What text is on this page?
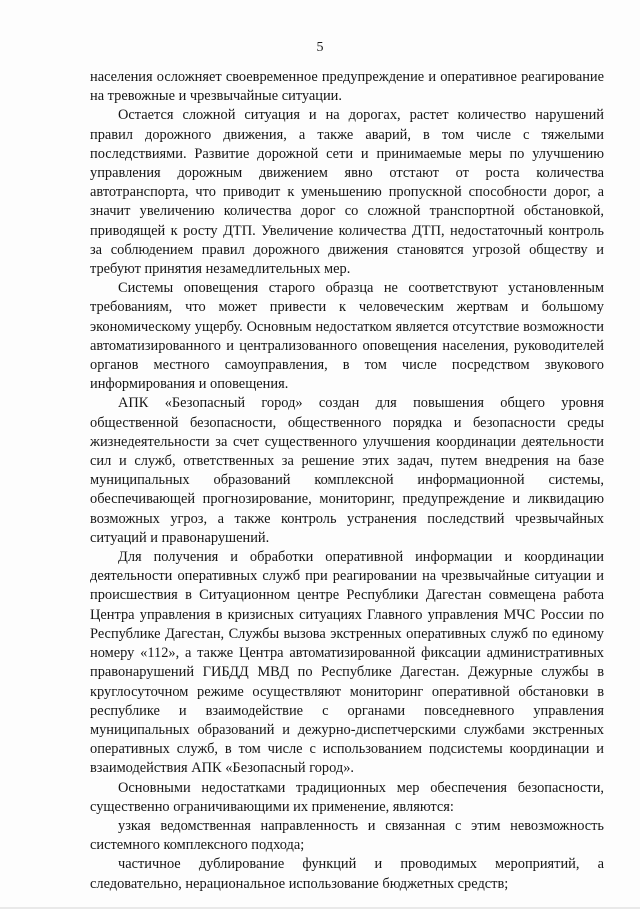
5

населения осложняет своевременное предупреждение и оперативное реагирование на тревожные и чрезвычайные ситуации.

Остается сложной ситуация и на дорогах, растет количество нарушений правил дорожного движения, а также аварий, в том числе с тяжелыми последствиями. Развитие дорожной сети и принимаемые меры по улучшению управления дорожным движением явно отстают от роста количества автотранспорта, что приводит к уменьшению пропускной способности дорог, а значит увеличению количества дорог со сложной транспортной обстановкой, приводящей к росту ДТП. Увеличение количества ДТП, недостаточный контроль за соблюдением правил дорожного движения становятся угрозой обществу и требуют принятия незамедлительных мер.

Системы оповещения старого образца не соответствуют установленным требованиям, что может привести к человеческим жертвам и большому экономическому ущербу. Основным недостатком является отсутствие возможности автоматизированного и централизованного оповещения населения, руководителей органов местного самоуправления, в том числе посредством звукового информирования и оповещения.

АПК «Безопасный город» создан для повышения общего уровня общественной безопасности, общественного порядка и безопасности среды жизнедеятельности за счет существенного улучшения координации деятельности сил и служб, ответственных за решение этих задач, путем внедрения на базе муниципальных образований комплексной информационной системы, обеспечивающей прогнозирование, мониторинг, предупреждение и ликвидацию возможных угроз, а также контроль устранения последствий чрезвычайных ситуаций и правонарушений.

Для получения и обработки оперативной информации и координации деятельности оперативных служб при реагировании на чрезвычайные ситуации и происшествия в Ситуационном центре Республики Дагестан совмещена работа Центра управления в кризисных ситуациях Главного управления МЧС России по Республике Дагестан, Службы вызова экстренных оперативных служб по единому номеру «112», а также Центра автоматизированной фиксации административных правонарушений ГИБДД МВД по Республике Дагестан. Дежурные службы в круглосуточном режиме осуществляют мониторинг оперативной обстановки в республике и взаимодействие с органами повседневного управления муниципальных образований и дежурно-диспетчерскими службами экстренных оперативных служб, в том числе с использованием подсистемы координации и взаимодействия АПК «Безопасный город».

Основными недостатками традиционных мер обеспечения безопасности, существенно ограничивающими их применение, являются:

узкая ведомственная направленность и связанная с этим невозможность системного комплексного подхода;

частичное дублирование функций и проводимых мероприятий, а следовательно, нерациональное использование бюджетных средств;
